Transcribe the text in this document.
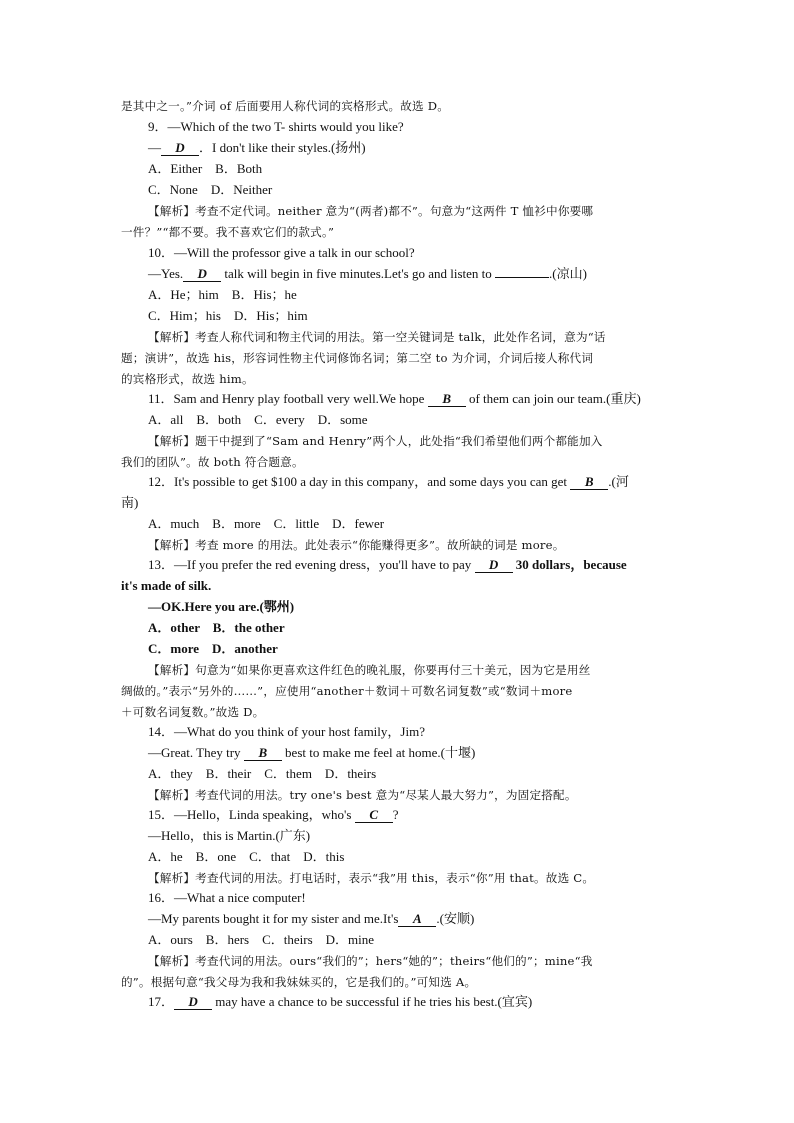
是其中之一。”介词 of 后面要用人称代词的宾格形式。故选 D。
9．—Which of the two T- shirts would you like?
— D ．I don't like their styles.(扬州)
A．Either　B．Both
C．None　D．Neither
【解析】考查不定代词。neither 意为“(两者)都不”。句意为“这两件 T 恤衫中你要哪
一件？”“都不要。我不喜欢它们的款式。”
10．—Will the professor give a talk in our school?
—Yes. D talk will begin in five minutes.Let's go and listen to	.(凉山)
A．He；him　B．His；he
C．Him；his　D．His；him
【解析】考查人称代词和物主代词的用法。第一空关键词是 talk，此处作名词，意为“话
题；演讲”，故选 his，形容词性物主代词修饰名词；第二空 to 为介词，介词后接人称代词
的宾格形式，故选 him。
11．Sam and Henry play football very well.We hope B of them can join our team.(重庆)
A．all　B．both　C．every　D．some
【解析】题干中提到了“Sam and Henry”两个人，此处指“我们希望他们两个都能加入
我们的团队”。故 both 符合题意。
12．It's possible to get $100 a day in this company，and some days you can get B .(河
南)
A．much　B．more　C．little　D．fewer
【解析】考查 more 的用法。此处表示“你能赚得更多”。故所缺的词是 more。
13．—If you prefer the red evening dress，you'll have to pay D 30 dollars，because
it's made of silk.
—OK.Here you are.(鄂州)
A．other　B．the other
C．more　D．another
【解析】句意为“如果你更喜欢这件红色的晚礼服，你要再付三十美元，因为它是用丝
绸做的。”表示“另外的……”，应使用“another＋数词＋可数名词复数”或“数词＋more
＋可数名词复数。”故选 D。
14．—What do you think of your host family，Jim?
—Great. They try B best to make me feel at home.(十堰)
A．they　B．their　C．them　D．theirs
【解析】考查代词的用法。try one's best 意为“尽某人最大努力”，为固定搭配。
15．—Hello，Linda speaking，who's C ?
—Hello，this is Martin.(广东)
A．he　B．one　C．that　D．this
【解析】考查代词的用法。打电话时，表示“我”用 this，表示“你”用 that。故选 C。
16．—What a nice computer!
—My parents bought it for my sister and me.It's A .(安顺)
A．ours　B．hers　C．theirs　D．mine
【解析】考查代词的用法。ours“我们的”；hers“她的”；theirs“他们的”；mine“我
的”。根据句意“我父母为我和我妹妹买的，它是我们的。”可知选 A。
17． D may have a chance to be successful if he tries his best.(宜宾)
